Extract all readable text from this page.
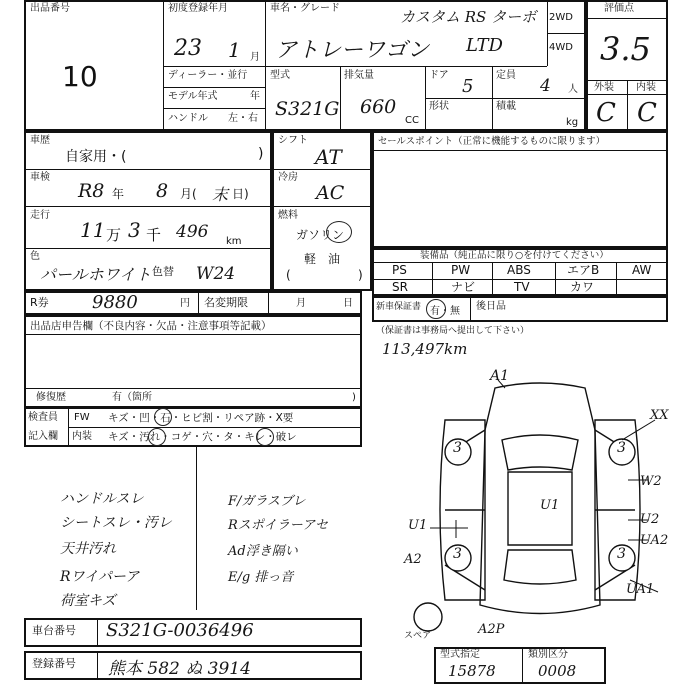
出品番号
10
初度登録年月
23 1 月
車名・グレード	カスタム RS ターボ
アトレーワゴン LTD
2WD
4WD
ディーラー・並行
モデル年式	年
ハンドル 左・右
型式
S321G
排気量
660
CC
ドア
5
定員
4 人
形状	積載
kg
評価点
3.5
外装 内装
C C
車歴
自家用・(	)
車検
R8 年 8 月( 末 日)
走行
11 万 3 千 496 km
色
パールホワイト 色替 W24
シフト
AT
冷房
AC
燃料
ガソリン
軽　油
(	)
セールスポイント（正常に機能するものに限ります）
装備品（純正品に限り○を付けてください）
PS	PW	ABS	エアB	AW
SR	ナビ	TV	カワ
R券 9880	円 名変期限	月	日	新車保証書 有・無 後日品
（保証書は事務局へ提出して下さい）
113,497km
出品店申告欄（不良内容・欠品・注意事項等記載）
修復歴	有（箇所	)
検査員
記入欄
FW キズ・凹・石・ヒビ割・リペア跡・X要
内装 キズ・汚れ・コゲ・穴・タ・キレ・破レ
ハンドルスレ
シートスレ・汚レ
天井汚れ
Rワイパーア
荷室キズ
F/ガラスブレ
Rスポイラーアセ
Ad浮き隔い
E/g 排っ音
3	3
3	3
A1
XX
W2
U2
UA2
UA1
U1
A2
U1
A2P
スペア
車台番号 S321G-0036496
登録番号 熊本 582 ぬ 3914
型式指定
15878
類別区分
0008
